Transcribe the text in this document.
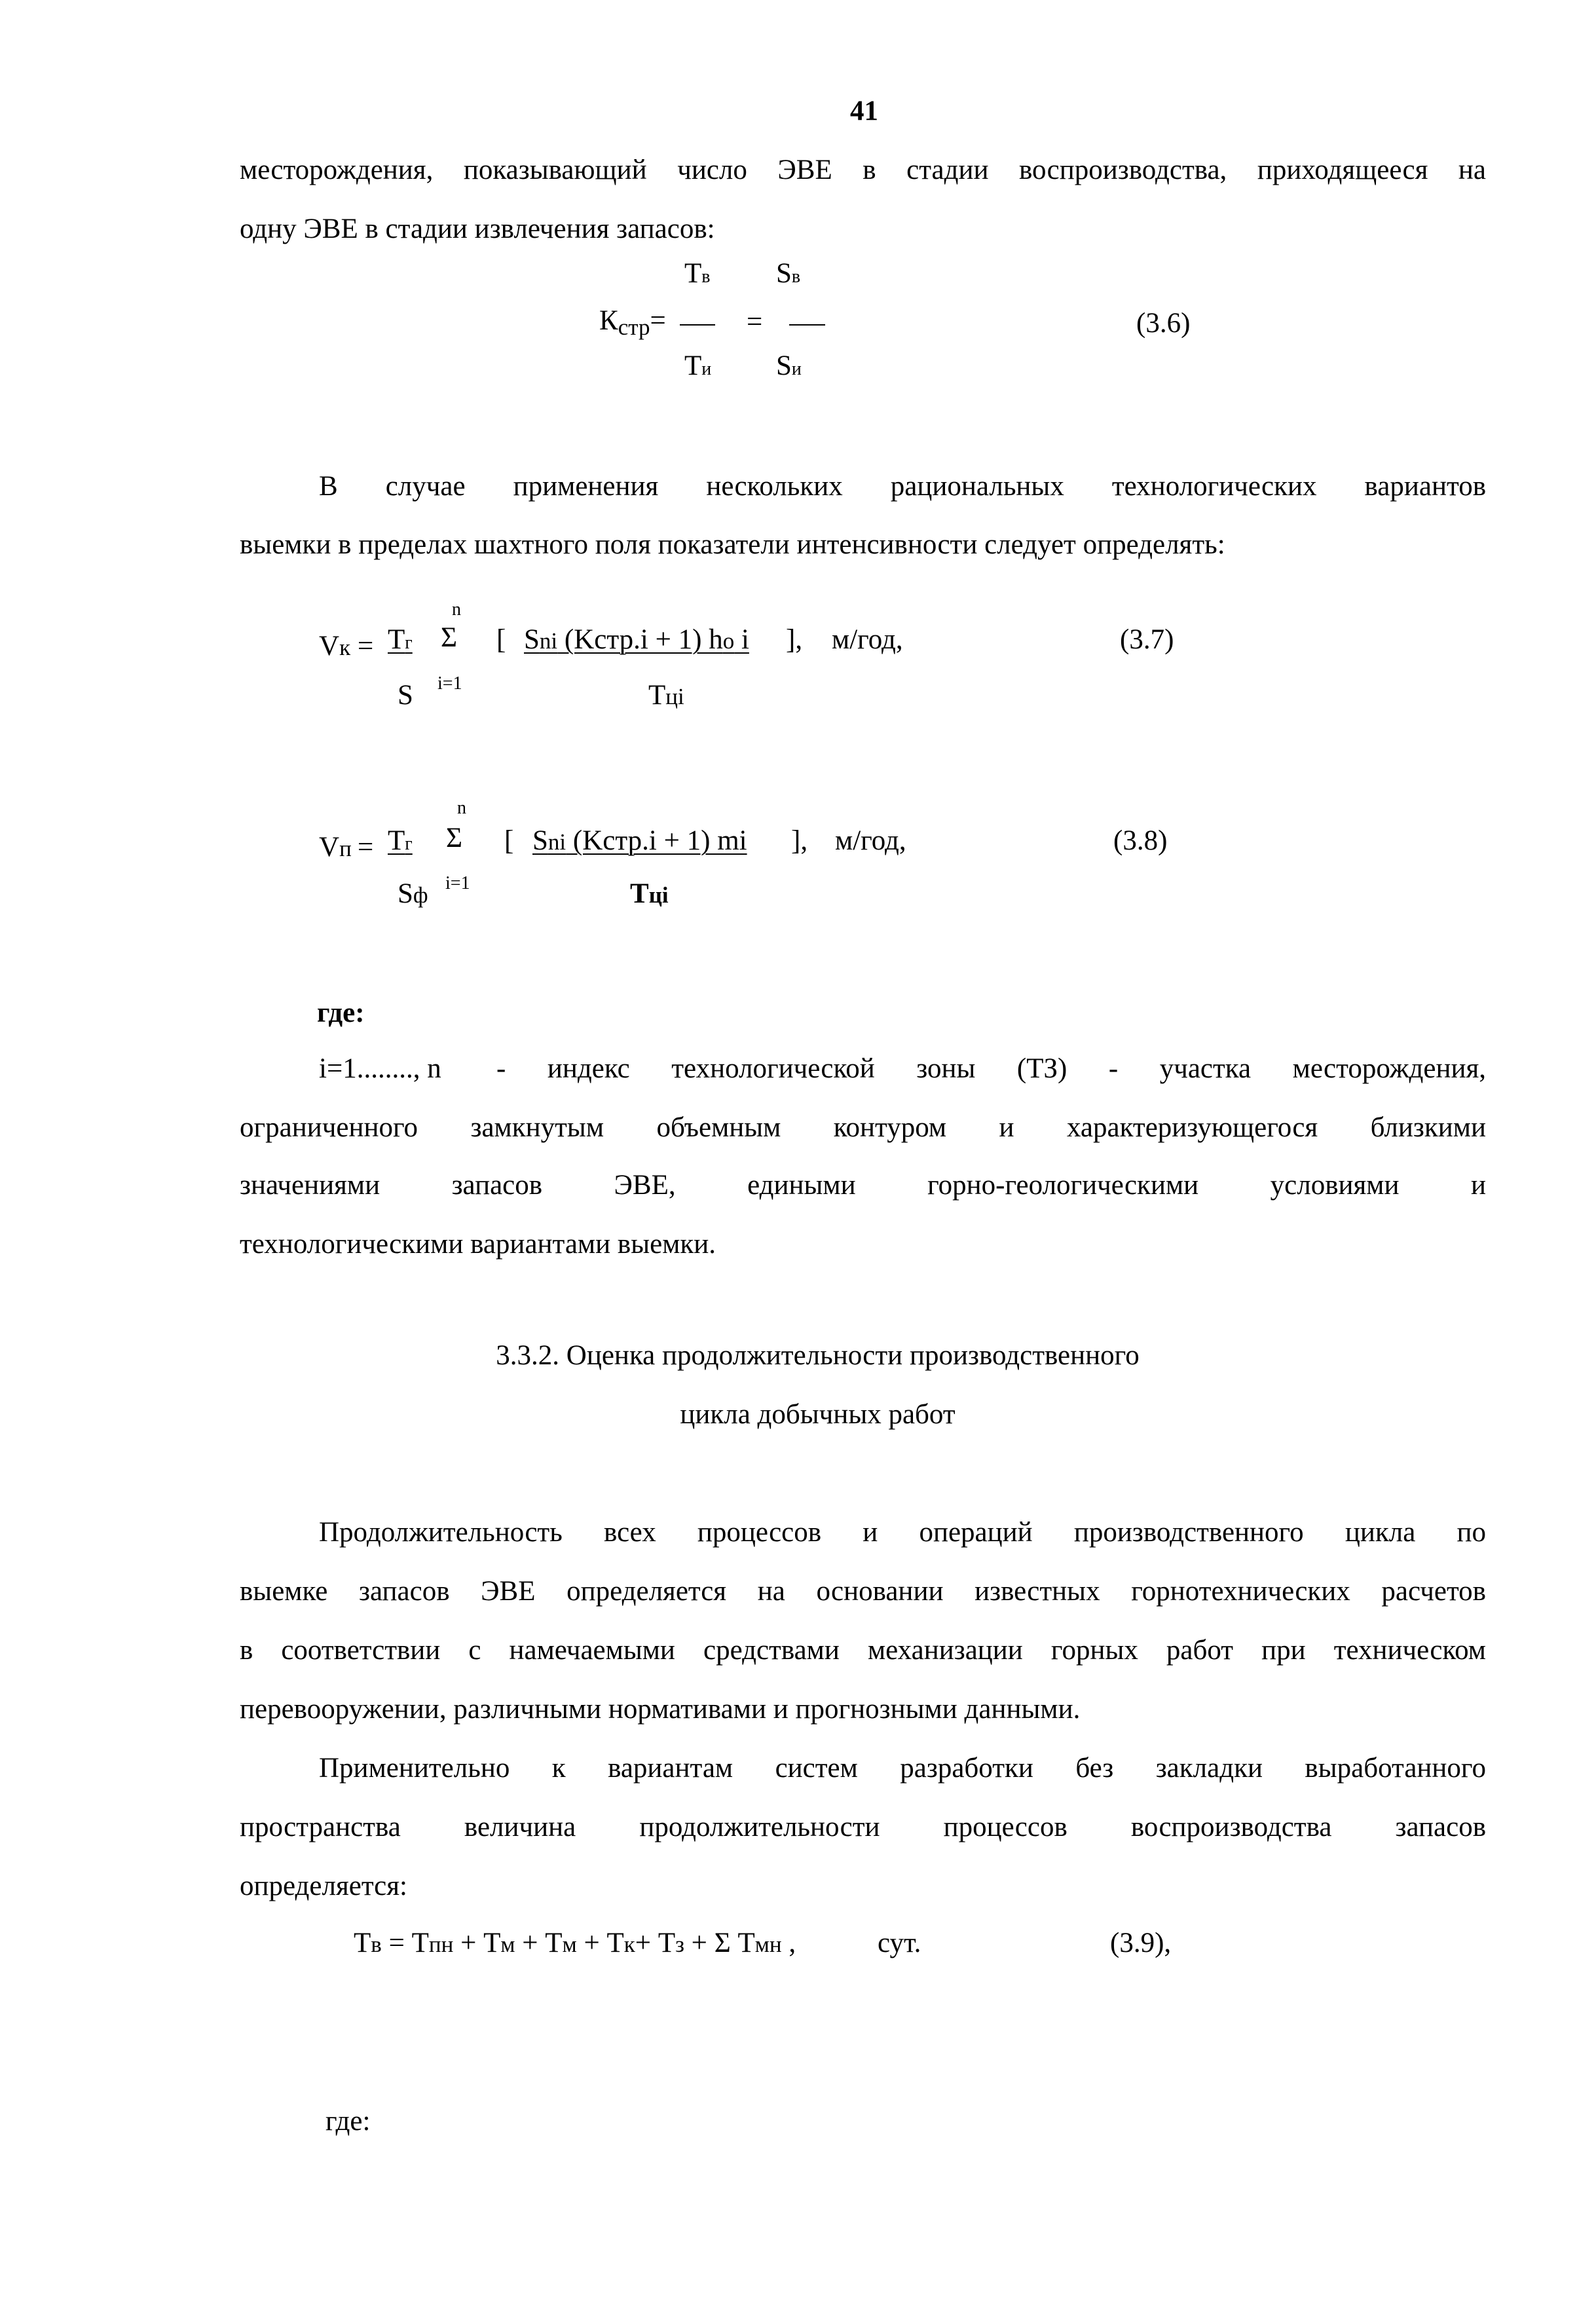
41
месторождения, показывающий число ЭВЕ в стадии воспроизводства, приходящееся на
одну ЭВЕ в стадии извлечения запасов:
Тв Sв
Кстр=	=
Ти Sи
(3.6)
В случае применения нескольких рациональных технологических вариантов
выемки в пределах шахтного поля показатели интенсивности следует определять:
n
Vк = Тг Σ
i=1
[ Sni (Kстр.i + 1) ho i ], м/год,	(3.7)
S	Тці
n
Vп = Тг Σ
i=1
[ Sni (Kстр.i + 1) mi ], м/год,	(3.8)
Sф	Тці
где:
i=1........, n - индекс технологической зоны (ТЗ) - участка месторождения,
ограниченного замкнутым объемным контуром и характеризующегося близкими
значениями запасов ЭВЕ, едиными горно-геологическими условиями и
технологическими вариантами выемки.
3.3.2. Оценка продолжительности производственного
цикла добычных работ
Продолжительность всех процессов и операций производственного цикла по
выемке запасов ЭВЕ определяется на основании известных горнотехнических расчетов
в соответствии с намечаемыми средствами механизации горных работ при техническом
перевооружении, различными нормативами и прогнозными данными.
Применительно к вариантам систем разработки без закладки выработанного
пространства величина продолжительности процессов воспроизводства запасов
определяется:
Тв = Тпн + Тм + Тм + Тк+ Тз + Σ Тмн ,	сут.	(3.9),
где:
